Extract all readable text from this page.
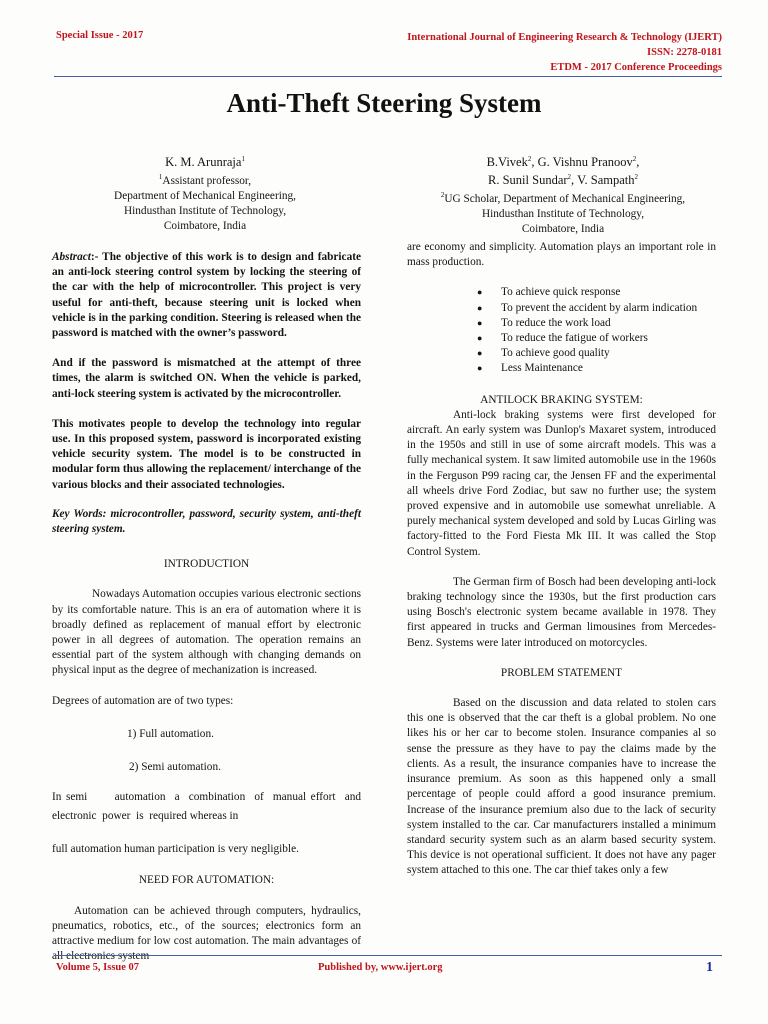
Special Issue - 2017	International Journal of Engineering Research & Technology (IJERT)
ISSN: 2278-0181
ETDM - 2017 Conference Proceedings
Anti-Theft Steering System
K. M. Arunraja$^1$
$^1$Assistant professor,
Department of Mechanical Engineering,
Hindusthan Institute of Technology,
Coimbatore, India
B.Vivek$^2$, G. Vishnu Pranoov$^2$,
R. Sunil Sundar$^2$, V. Sampath$^2$
$^2$UG Scholar, Department of Mechanical Engineering,
Hindusthan Institute of Technology,
Coimbatore, India

Abstract:- The objective of this work is to design and fabricate an anti-lock steering control system by locking the steering of the car with the help of microcontroller. This project is very useful for anti-theft, because steering unit is locked when vehicle is in the parking condition. Steering is released when the password is matched with the owner’s password.

And if the password is mismatched at the attempt of three times, the alarm is switched ON. When the vehicle is parked, anti-lock steering system is activated by the microcontroller.

This motivates people to develop the technology into regular use. In this proposed system, password is incorporated existing vehicle security system. The model is to be constructed in modular form thus allowing the replacement/ interchange of the various blocks and their associated technologies.

Key Words: microcontroller, password, security system, anti-theft steering system.

INTRODUCTION

Nowadays Automation occupies various electronic sections by its comfortable nature. This is an era of automation where it is broadly defined as replacement of manual effort by electronic power in all degrees of automation. The operation remains an essential part of the system although with changing demands on physical input as the degree of mechanization is increased.

Degrees of automation are of two types:

1) Full automation.

2) Semi automation.

In semi      automation  a  combination  of  manual effort  and      electronic  power  is  required whereas in

full automation human participation is very negligible.

NEED FOR AUTOMATION:

Automation can be achieved through computers, hydraulics, pneumatics, robotics, etc., of the sources; electronics form an attractive medium for low cost automation. The main advantages of all electronics system

are economy and simplicity. Automation plays an important role in mass production.

● To achieve quick response
● To prevent the accident by alarm indication
● To reduce the work load
● To reduce the fatigue of workers
● To achieve good quality
● Less Maintenance

ANTILOCK BRAKING SYSTEM:

Anti-lock braking systems were first developed for aircraft. An early system was Dunlop's Maxaret system, introduced in the 1950s and still in use of some aircraft models. This was a fully mechanical system. It saw limited automobile use in the 1960s in the Ferguson P99 racing car, the Jensen FF and the experimental all wheels drive Ford Zodiac, but saw no further use; the system proved expensive and in automobile use somewhat unreliable. A purely mechanical system developed and sold by Lucas Girling was factory-fitted to the Ford Fiesta Mk III. It was called the Stop Control System.

The German firm of Bosch had been developing anti-lock braking technology since the 1930s, but the first production cars using Bosch's electronic system became available in 1978. They first appeared in trucks and German limousines from Mercedes-Benz. Systems were later introduced on motorcycles.

PROBLEM STATEMENT

Based on the discussion and data related to stolen cars this one is observed that the car theft is a global problem. No one likes his or her car to become stolen. Insurance companies al so sense the pressure as they have to pay the claims made by the clients. As a result, the insurance companies have to increase the insurance premium. As soon as this happened only a small percentage of people could afford a good insurance premium. Increase of the insurance premium also due to the lack of security system installed to the car. Car manufacturers installed a minimum standard security system such as an alarm based security system. This device is not operational sufficient. It does not have any pager system attached to this one. The car thief takes only a few

Volume 5, Issue 07	Published by, www.ijert.org	1
